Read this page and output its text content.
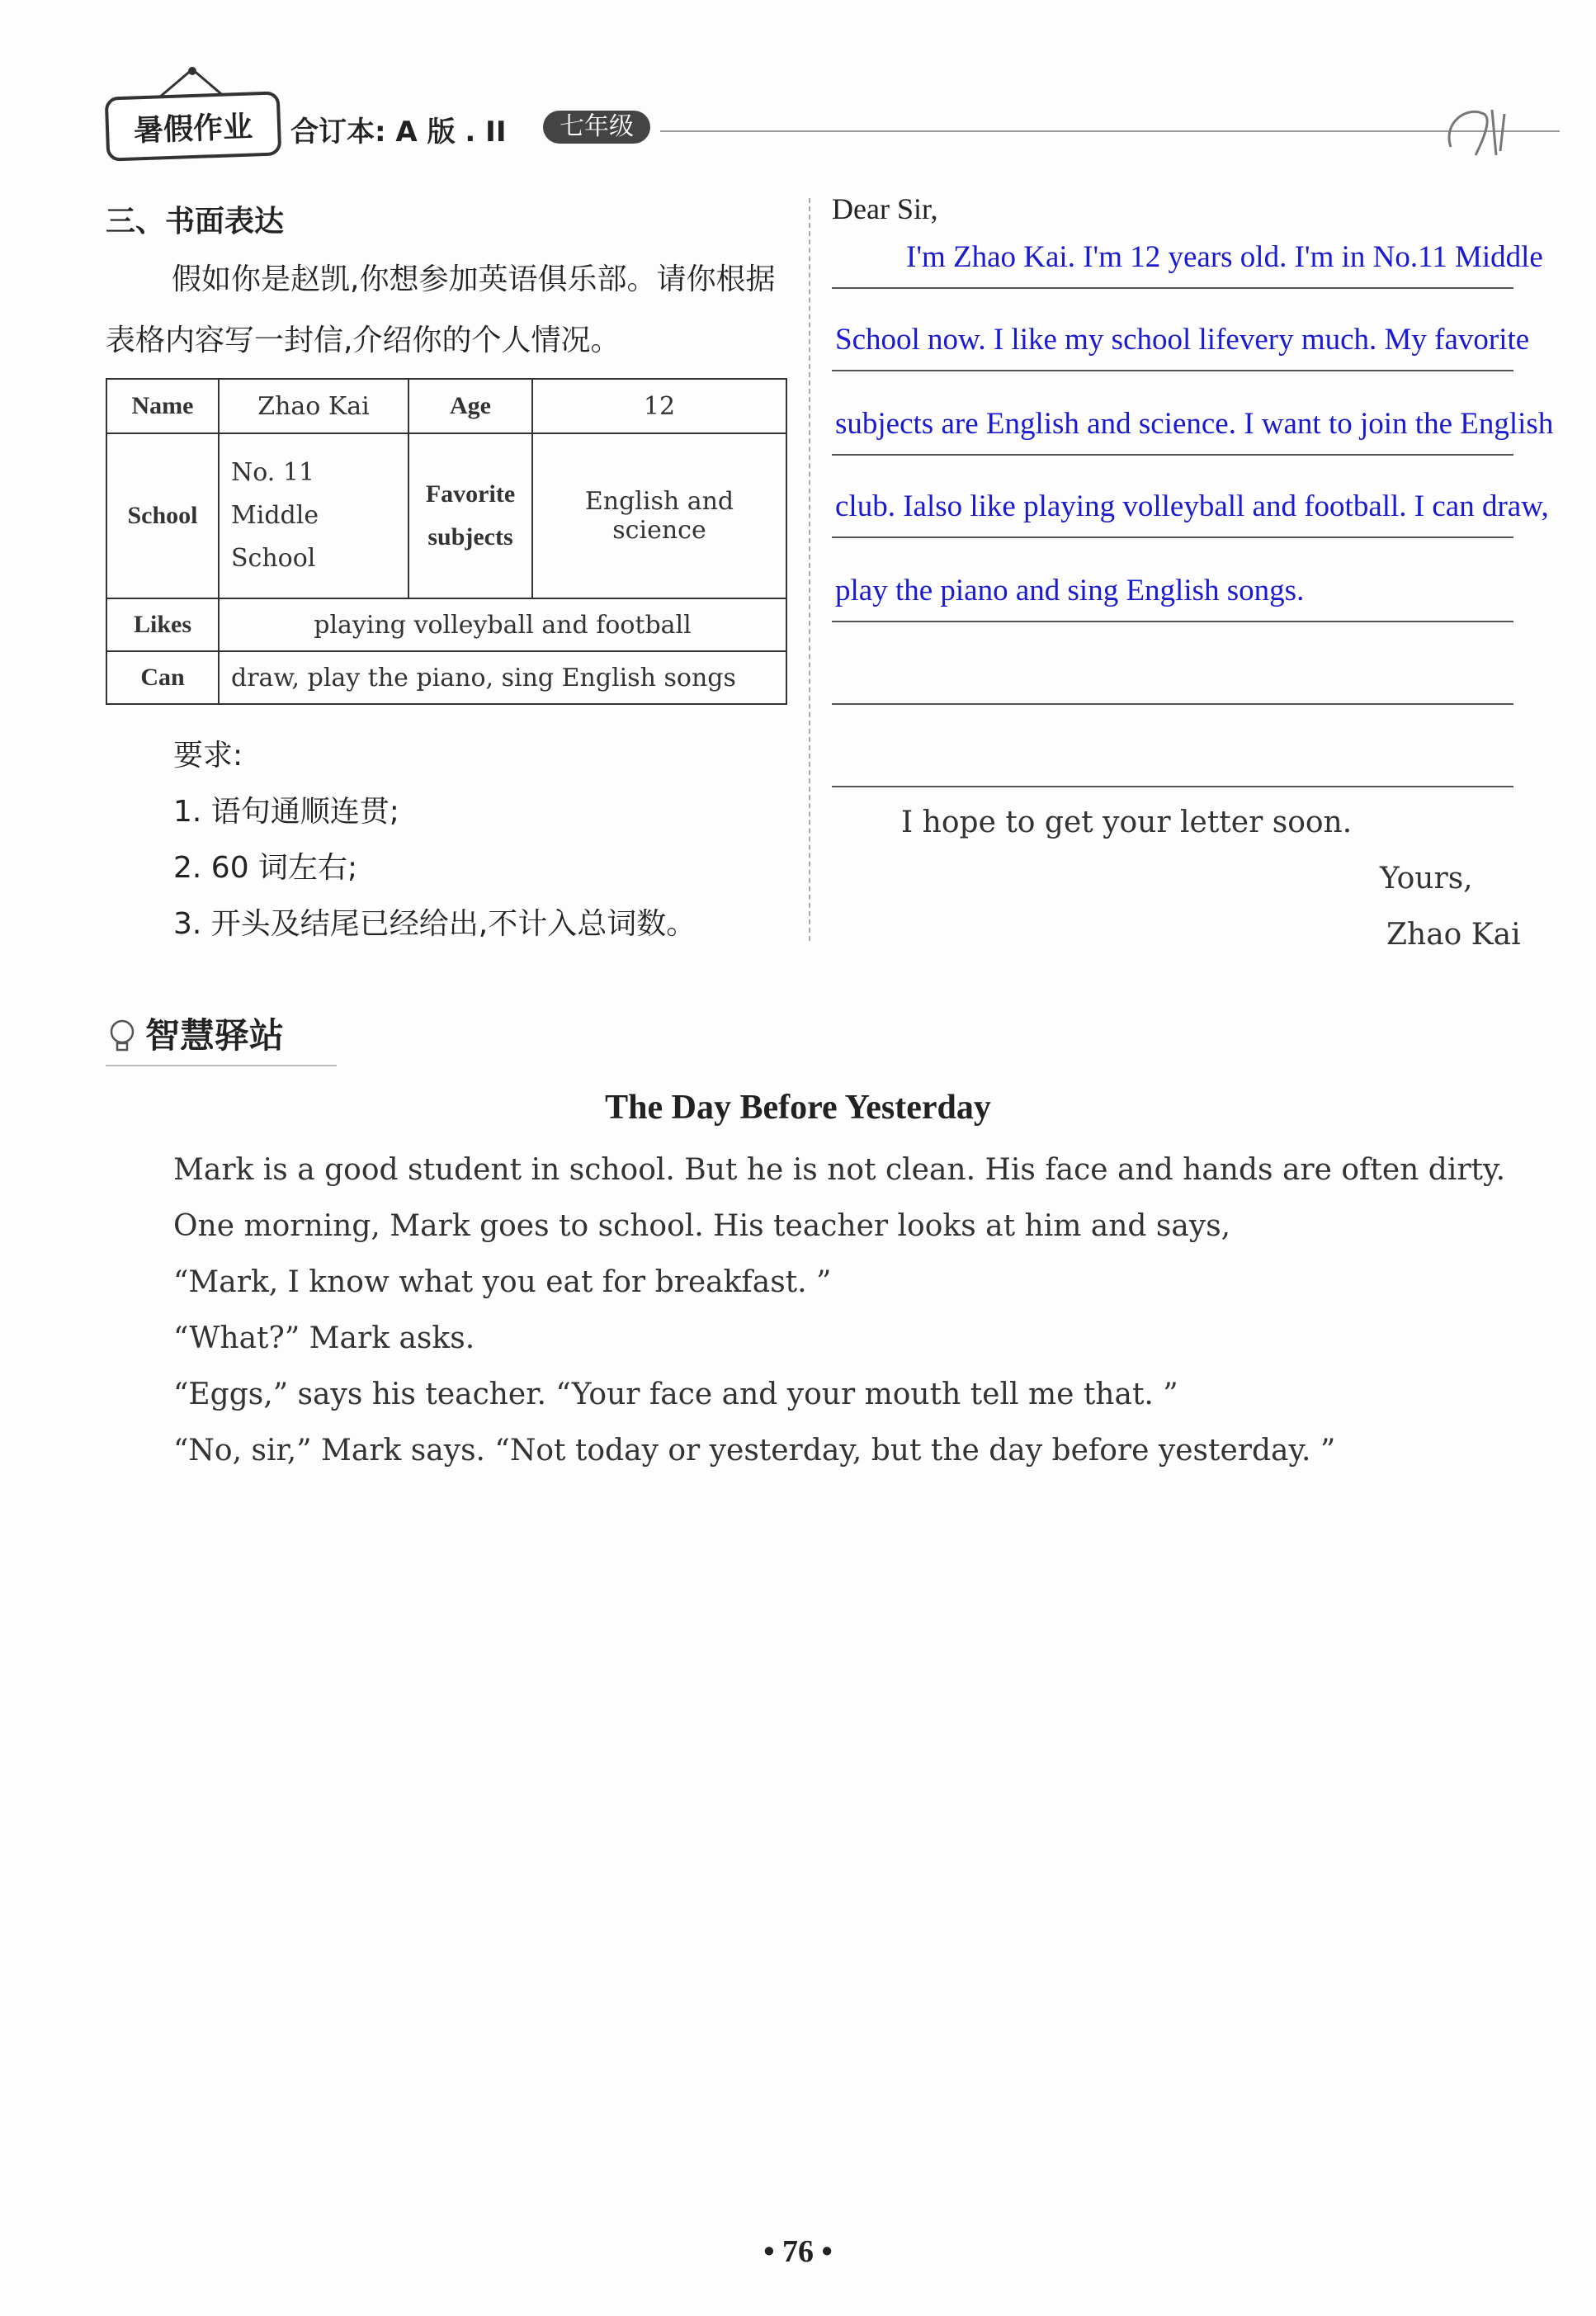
暑假作业	合订本: A 版 . II	七年级
三、书面表达
假如你是赵凯,你想参加英语俱乐部。请你根据表格内容写一封信,介绍你的个人情况。
Name	Zhao Kai	Age	12
School	No. 11 Middle School	Favorite subjects	English and science
Likes	playing volleyball and football		
Can	draw, play the piano, sing English songs		
要求:
1. 语句通顺连贯;
2. 60 词左右;
3. 开头及结尾已经给出,不计入总词数。
Dear Sir,
I'm Zhao Kai. I'm 12 years old. I'm in No.11 Middle
School now. I like my school lifevery much. My favorite
subjects are English and science. I want to join the English
club. Ialso like playing volleyball and football. I can draw,
play the piano and sing English songs.
I hope to get your letter soon.
Yours,
Zhao Kai
智慧驿站
The Day Before Yesterday

Mark is a good student in school. But he is not clean. His face and hands are often dirty.

One morning, Mark goes to school. His teacher looks at him and says,

“Mark, I know what you eat for breakfast. ”

“What?” Mark asks.

“Eggs,” says his teacher. “Your face and your mouth tell me that. ”

“No, sir,” Mark says. “Not today or yesterday, but the day before yesterday. ”

• 76 •
